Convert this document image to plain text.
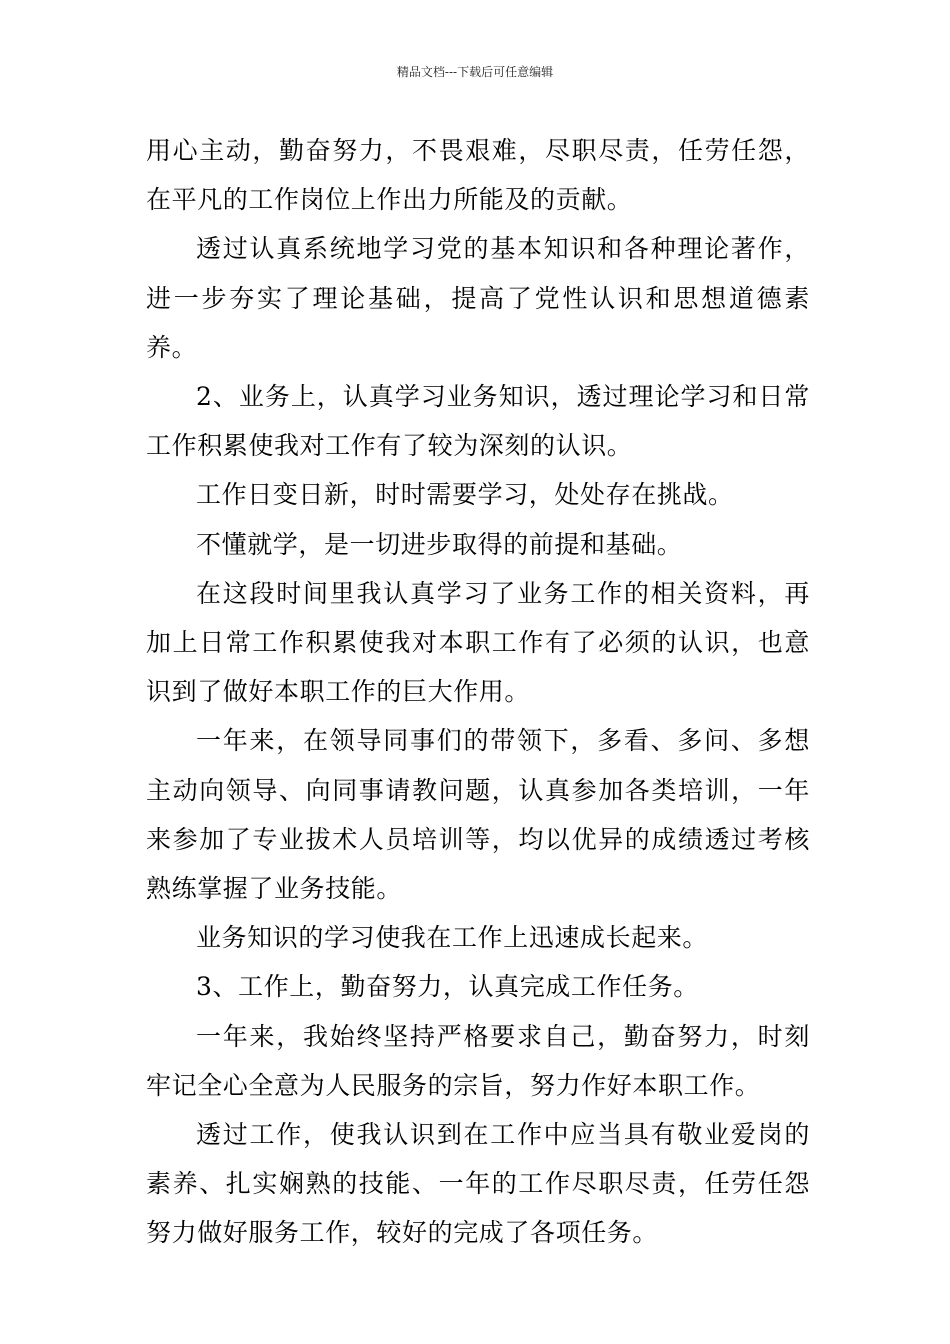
精品文档---下载后可任意编辑

用心主动，勤奋努力，不畏艰难，尽职尽责，任劳任怨，在平凡的工作岗位上作出力所能及的贡献。

透过认真系统地学习党的基本知识和各种理论著作，进一步夯实了理论基础，提高了党性认识和思想道德素养。

2、业务上，认真学习业务知识，透过理论学习和日常工作积累使我对工作有了较为深刻的认识。

工作日变日新，时时需要学习，处处存在挑战。

不懂就学，是一切进步取得的前提和基础。

在这段时间里我认真学习了业务工作的相关资料，再加上日常工作积累使我对本职工作有了必须的认识，也意识到了做好本职工作的巨大作用。

一年来，在领导同事们的带领下，多看、多问、多想主动向领导、向同事请教问题，认真参加各类培训，一年来参加了专业拔术人员培训等，均以优异的成绩透过考核熟练掌握了业务技能。

业务知识的学习使我在工作上迅速成长起来。

3、工作上，勤奋努力，认真完成工作任务。

一年来，我始终坚持严格要求自己，勤奋努力，时刻牢记全心全意为人民服务的宗旨，努力作好本职工作。

透过工作，使我认识到在工作中应当具有敬业爱岗的素养、扎实娴熟的技能、一年的工作尽职尽责，任劳任怨努力做好服务工作，较好的完成了各项任务。
